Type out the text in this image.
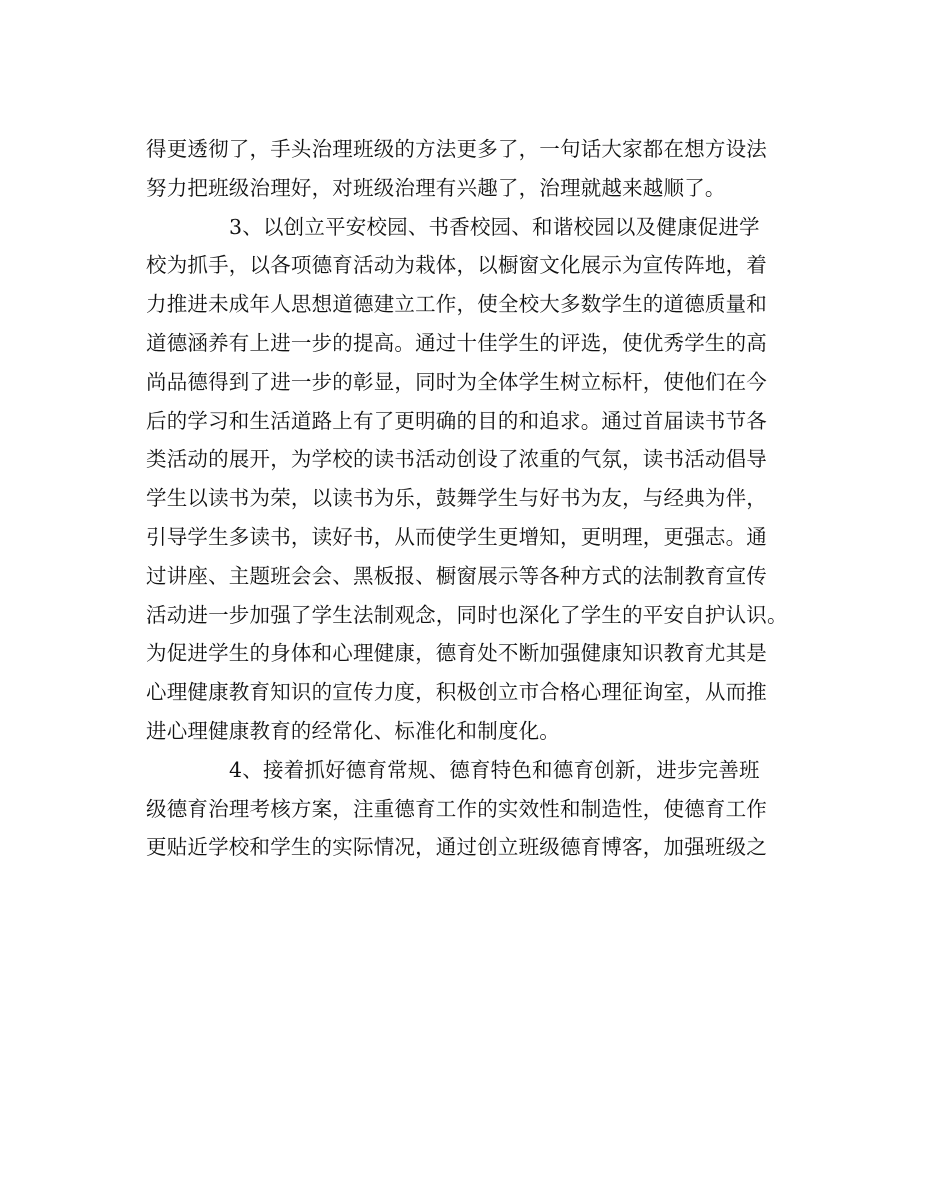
得更透彻了，手头治理班级的方法更多了，一句话大家都在想方设法
努力把班级治理好，对班级治理有兴趣了，治理就越来越顺了。
3、以创立平安校园、书香校园、和谐校园以及健康促进学
校为抓手，以各项德育活动为栽体，以橱窗文化展示为宣传阵地，着
力推进未成年人思想道德建立工作，使全校大多数学生的道德质量和
道德涵养有上进一步的提高。通过十佳学生的评选，使优秀学生的高
尚品德得到了进一步的彰显，同时为全体学生树立标杆，使他们在今
后的学习和生活道路上有了更明确的目的和追求。通过首届读书节各
类活动的展开，为学校的读书活动创设了浓重的气氛，读书活动倡导
学生以读书为荣，以读书为乐，鼓舞学生与好书为友，与经典为伴，
引导学生多读书，读好书，从而使学生更增知，更明理，更强志。通
过讲座、主题班会会、黑板报、橱窗展示等各种方式的法制教育宣传
活动进一步加强了学生法制观念，同时也深化了学生的平安自护认识。
为促进学生的身体和心理健康，德育处不断加强健康知识教育尤其是
心理健康教育知识的宣传力度，积极创立市合格心理征询室，从而推
进心理健康教育的经常化、标准化和制度化。
4、接着抓好德育常规、德育特色和德育创新，进步完善班
级德育治理考核方案，注重德育工作的实效性和制造性，使德育工作
更贴近学校和学生的实际情况，通过创立班级德育博客，加强班级之
